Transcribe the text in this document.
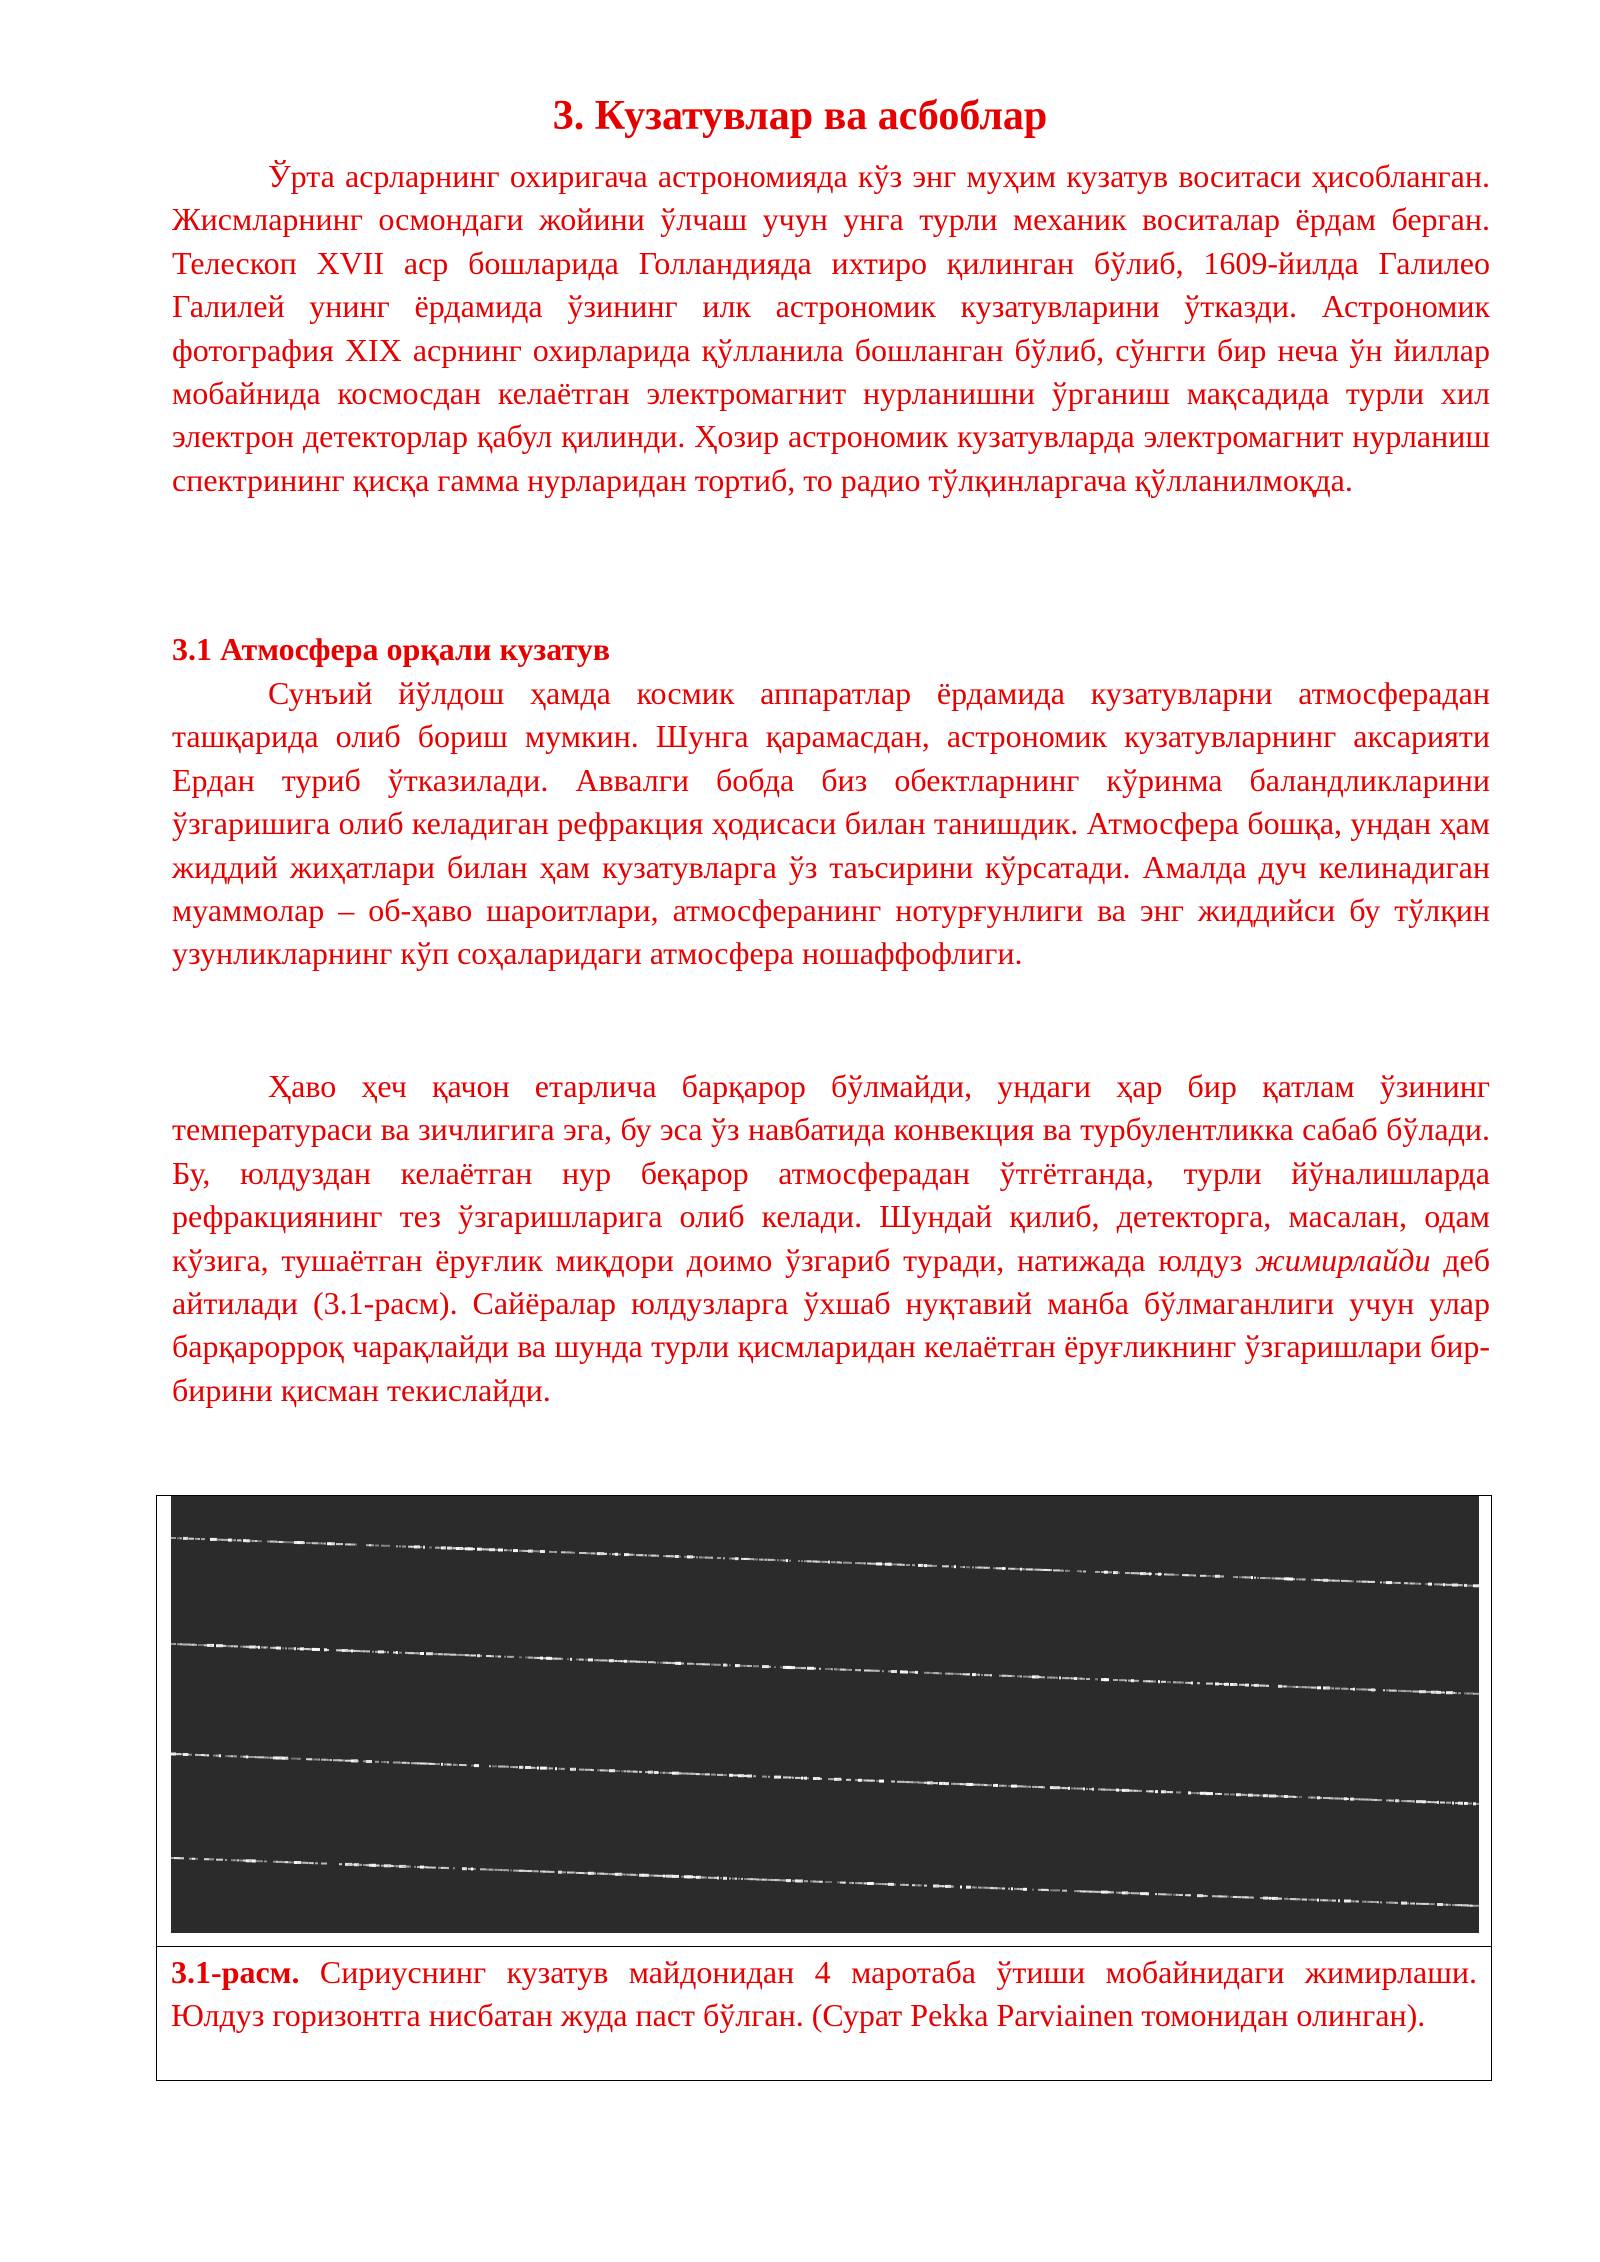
3. Кузатувлар ва асбоблар

Ўрта асрларнинг охиригача астрономияда кўз энг муҳим кузатув воситаси ҳисобланган. Жисмларнинг осмондаги жойини ўлчаш учун унга турли механик воситалар ёрдам берган. Телескоп XVII аср бошларида Голландияда ихтиро қилинган бўлиб, 1609-йилда Галилео Галилей унинг ёрдамида ўзининг илк астрономик кузатувларини ўтказди. Астрономик фотография XIX асрнинг охирларида қўлланила бошланган бўлиб, сўнгги бир неча ўн йиллар мобайнида космосдан келаётган электромагнит нурланишни ўрганиш мақсадида турли хил электрон детекторлар қабул қилинди. Ҳозир астрономик кузатувларда электромагнит нурланиш спектрининг қисқа гамма нурларидан тортиб, то радио тўлқинларгача қўлланилмоқда.

3.1 Атмосфера орқали кузатув

Сунъий йўлдош ҳамда космик аппаратлар ёрдамида кузатувларни атмосферадан ташқарида олиб бориш мумкин. Шунга қарамасдан, астрономик кузатувларнинг аксарияти Ердан туриб ўтказилади. Аввалги бобда биз обектларнинг кўринма баландликларини ўзгаришига олиб келадиган рефракция ҳодисаси билан танишдик. Атмосфера бошқа, ундан ҳам жиддий жиҳатлари билан ҳам кузатувларга ўз таъсирини кўрсатади. Амалда дуч келинадиган муаммолар – об-ҳаво шароитлари, атмосферанинг нотурғунлиги ва энг жиддийси бу тўлқин узунликларнинг кўп соҳаларидаги атмосфера ношаффофлиги.

Ҳаво ҳеч қачон етарлича барқарор бўлмайди, ундаги ҳар бир қатлам ўзининг температураси ва зичлигига эга, бу эса ўз навбатида конвекция ва турбулентликка сабаб бўлади. Бу, юлдуздан келаётган нур беқарор атмосферадан ўтгётганда, турли йўналишларда рефракциянинг тез ўзгаришларига олиб келади. Шундай қилиб, детекторга, масалан, одам кўзига, тушаётган ёруғлик миқдори доимо ўзгариб туради, натижада юлдуз жимирлайди деб айтилади (3.1-расм). Сайёралар юлдузларга ўхшаб нуқтавий манба бўлмаганлиги учун улар барқарорроқ чарақлайди ва шунда турли қисмларидан келаётган ёруғликнинг ўзгаришлари бир-бирини қисман текислайди.

3.1-расм. Сириуснинг кузатув майдонидан 4 маротаба ўтиши мобайнидаги жимирлаши. Юлдуз горизонтга нисбатан жуда паст бўлган. (Сурат Pekka Parviainen томонидан олинган).
